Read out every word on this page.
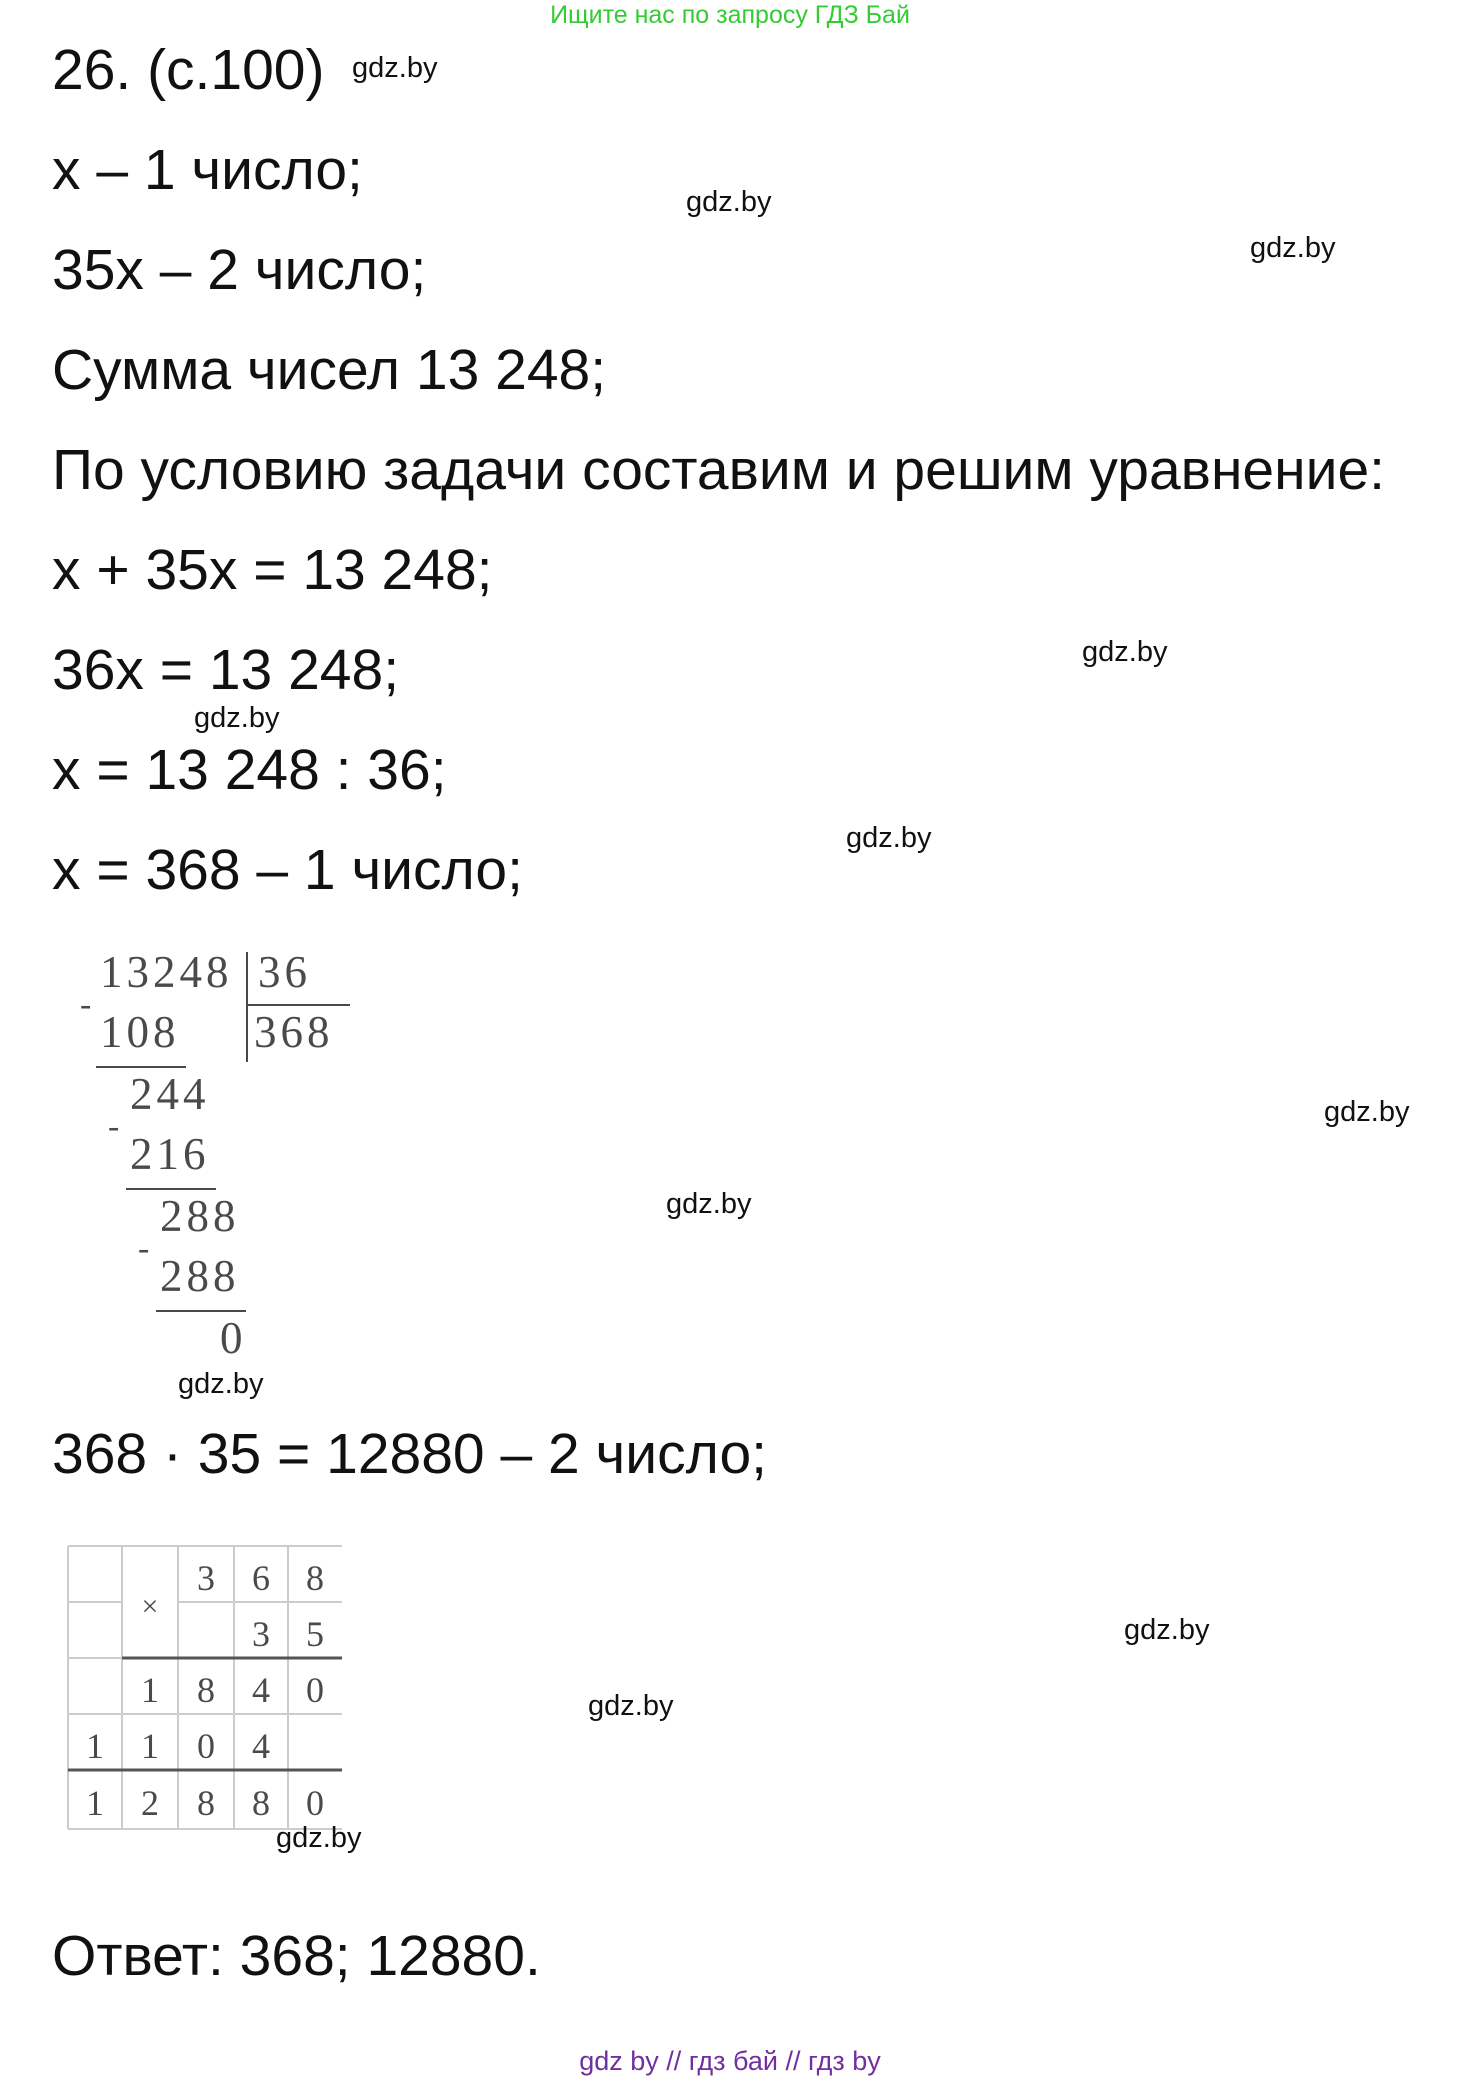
Ищите нас по запросу ГДЗ Бай
26. (с.100) gdz.by
x – 1 число;
35x – 2 число;
Сумма чисел 13 248;
По условию задачи составим и решим уравнение:
x + 35x = 13 248;
36x = 13 248;
x = 13 248 : 36;
x = 368 – 1 число;
gdz.by
gdz.by
gdz.by
gdz.by
gdz.by
13248 36
368
-
108
244
-
216
288
-
288
0
gdz.by
gdz.by
gdz.by
368 · 35 = 12880 – 2 число;
×
3 6 8
3 5
1 8 4 0
1 1 0 4
1 2 8 8 0
gdz.by
gdz.by
gdz.by
Ответ: 368; 12880.
gdz by // гдз бай // гдз by
